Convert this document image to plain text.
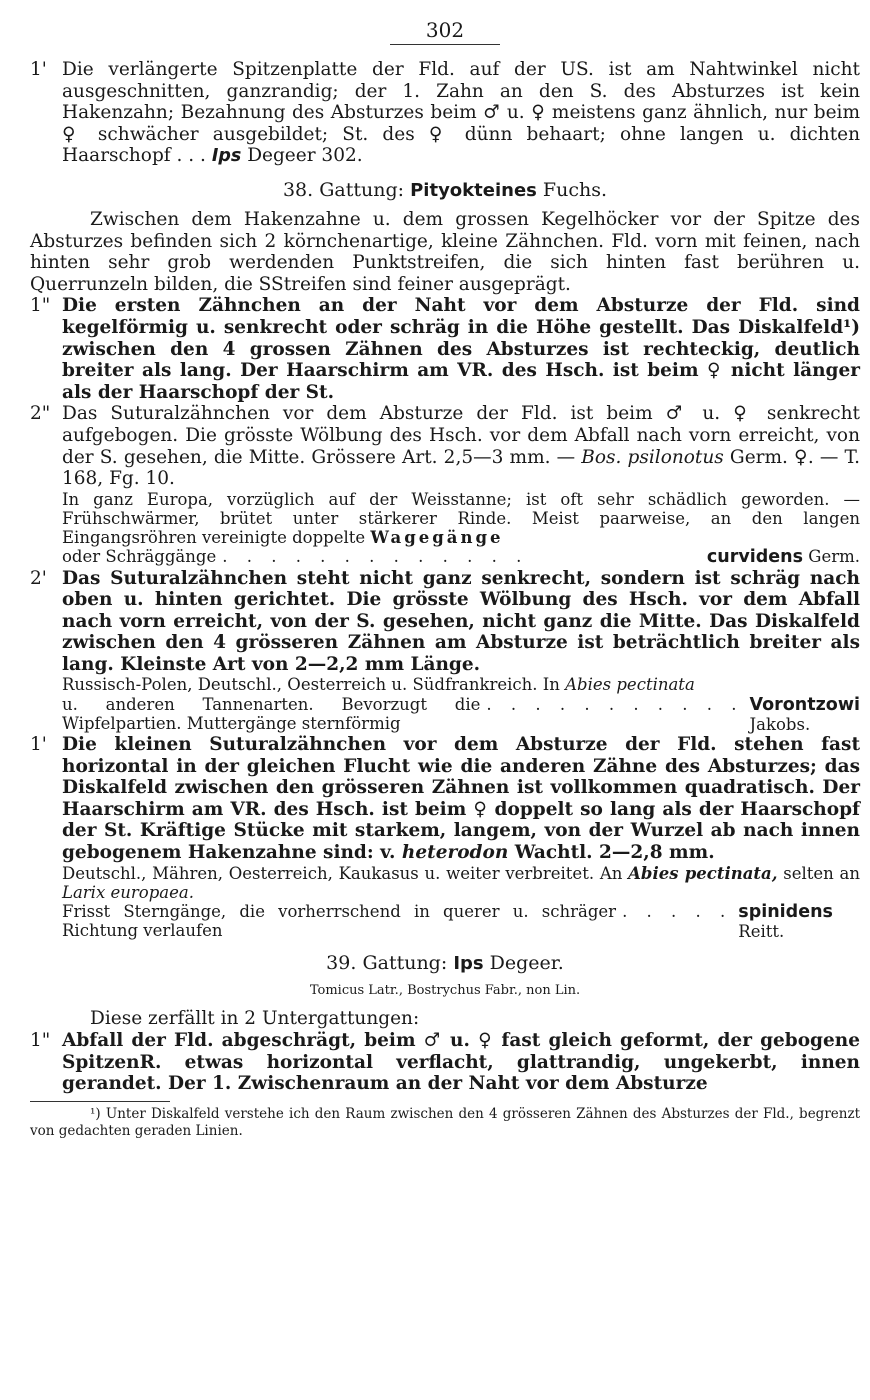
302
1' Die verlängerte Spitzenplatte der Fld. auf der US. ist am Nahtwinkel nicht ausgeschnitten, ganzrandig; der 1. Zahn an den S. des Absturzes ist kein Hakenzahn; Bezahnung des Absturzes beim ♂ u. ♀ meistens ganz ähnlich, nur beim ♀ schwächer ausgebildet; St. des ♀ dünn behaart; ohne langen u. dichten Haarschopf . . . Ips Degeer 302.

38. Gattung: Pityokteines Fuchs.

Zwischen dem Hakenzahne u. dem grossen Kegelhöcker vor der Spitze des Absturzes befinden sich 2 körnchenartige, kleine Zähnchen. Fld. vorn mit feinen, nach hinten sehr grob werdenden Punktstreifen, die sich hinten fast berühren u. Querrunzeln bilden, die SStreifen sind feiner ausgeprägt.

1" Die ersten Zähnchen an der Naht vor dem Absturze der Fld. sind kegelförmig u. senkrecht oder schräg in die Höhe gestellt. Das Diskalfeld¹) zwischen den 4 grossen Zähnen des Absturzes ist rechteckig, deutlich breiter als lang. Der Haarschirm am VR. des Hsch. ist beim ♀ nicht länger als der Haarschopf der St.

2" Das Suturalzähnchen vor dem Absturze der Fld. ist beim ♂ u. ♀ senkrecht aufgebogen. Die grösste Wölbung des Hsch. vor dem Abfall nach vorn erreicht, von der S. gesehen, die Mitte. Grössere Art. 2,5—3 mm. — Bos. psilonotus Germ. ♀. — T. 168, Fg. 10.

In ganz Europa, vorzüglich auf der Weisstanne; ist oft sehr schädlich geworden. — Frühschwärmer, brütet unter stärkerer Rinde. Meist paarweise, an den langen Eingangsröhren vereinigte doppelte Wagegänge

oder Schräggänge . . . . . . . . . . . . .	curvidens Germ.
2' Das Suturalzähnchen steht nicht ganz senkrecht, sondern ist schräg nach oben u. hinten gerichtet. Die grösste Wölbung des Hsch. vor dem Abfall nach vorn erreicht, von der S. gesehen, nicht ganz die Mitte. Das Diskalfeld zwischen den 4 grösseren Zähnen am Absturze ist beträchtlich breiter als lang. Kleinste Art von 2—2,2 mm Länge.

Russisch-Polen, Deutschl., Oesterreich u. Südfrankreich. In Abies pectinata

u. anderen Tannenarten. Bevorzugt die Wipfelpartien. Muttergänge sternförmig
. . . . . . . . . . . Vorontzowi Jakobs.
1' Die kleinen Suturalzähnchen vor dem Absturze der Fld. stehen fast horizontal in der gleichen Flucht wie die anderen Zähne des Absturzes; das Diskalfeld zwischen den grösseren Zähnen ist vollkommen quadratisch. Der Haarschirm am VR. des Hsch. ist beim ♀ doppelt so lang als der Haarschopf der St. Kräftige Stücke mit starkem, langem, von der Wurzel ab nach innen gebogenem Hakenzahne sind: v. heterodon Wachtl. 2—2,8 mm.

Deutschl., Mähren, Oesterreich, Kaukasus u. weiter verbreitet. An Abies pectinata, selten an Larix europaea.

Frisst Sterngänge, die vorherrschend in querer u. schräger Richtung verlaufen
. . . . . spinidens Reitt.
39. Gattung: Ips Degeer.

Tomicus Latr., Bostrychus Fabr., non Lin.

Diese zerfällt in 2 Untergattungen:

1" Abfall der Fld. abgeschrägt, beim ♂ u. ♀ fast gleich geformt, der gebogene SpitzenR. etwas horizontal verflacht, glattrandig, ungekerbt, innen gerandet. Der 1. Zwischenraum an der Naht vor dem Absturze

¹) Unter Diskalfeld verstehe ich den Raum zwischen den 4 grösseren Zähnen des Absturzes der Fld., begrenzt von gedachten geraden Linien.
